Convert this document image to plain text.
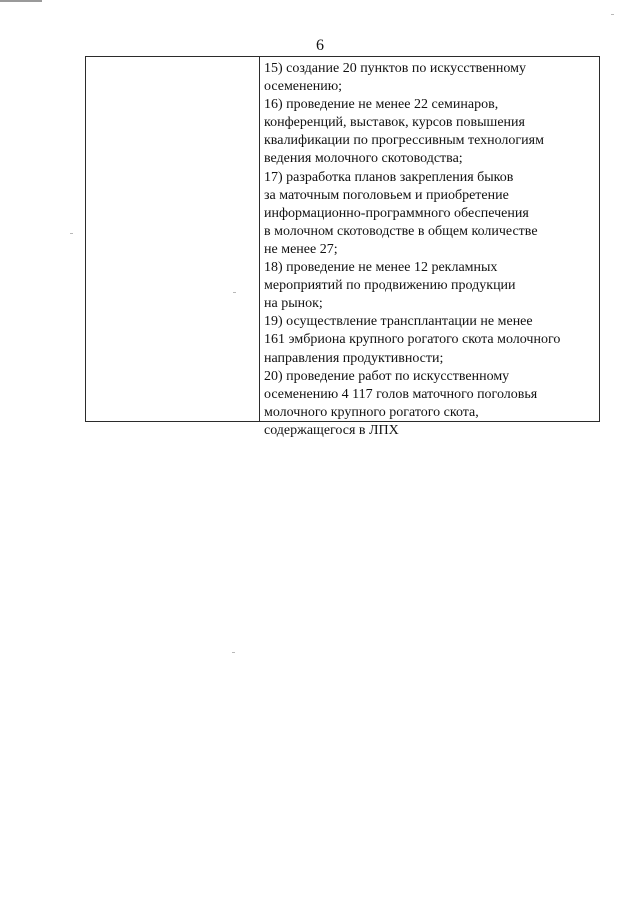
6
15) создание 20 пунктов по искусственному
осеменению;
16) проведение не менее 22 семинаров,
конференций, выставок, курсов повышения
квалификации по прогрессивным технологиям
ведения молочного скотоводства;
17) разработка планов закрепления быков
за маточным поголовьем и приобретение
информационно-программного обеспечения
в молочном скотоводстве в общем количестве
не менее 27;
18) проведение не менее 12 рекламных
мероприятий по продвижению продукции
на рынок;
19) осуществление трансплантации не менее
161 эмбриона крупного рогатого скота молочного
направления продуктивности;
20) проведение работ по искусственному
осеменению 4 117 голов маточного поголовья
молочного крупного рогатого скота,
содержащегося в ЛПХ
